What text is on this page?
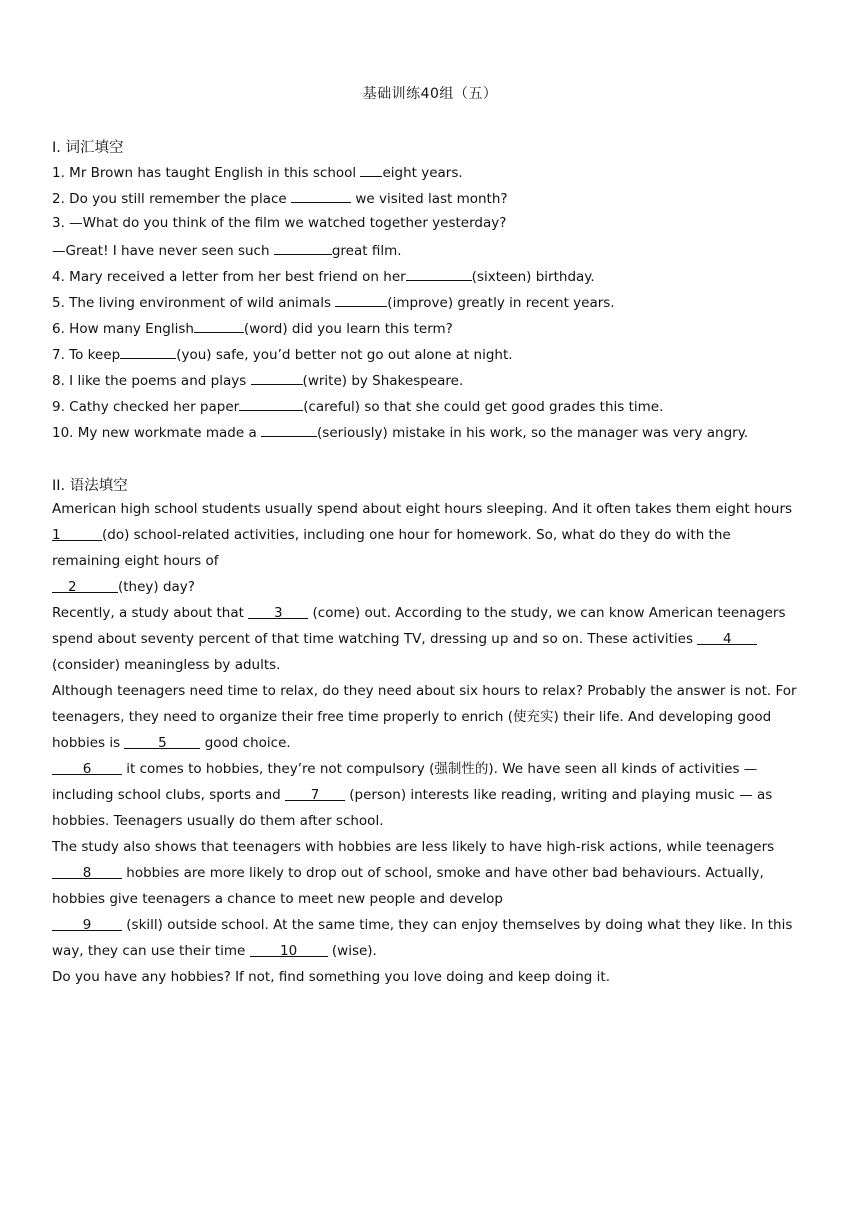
基础训练40组（五）
I. 词汇填空
1. Mr Brown has taught English in this school eight years.
2. Do you still remember the place	we visited last month?
3. —What do you think of the film we watched together yesterday?
—Great! I have never seen such	great film.
4. Mary received a letter from her best friend on her	(sixteen) birthday.
5. The living environment of wild animals	(improve) greatly in recent years.
6. How many English	(word) did you learn this term?
7. To keep	(you) safe, you’d better not go out alone at night.
8. I like the poems and plays	(write) by Shakespeare.
9. Cathy checked her paper	(careful) so that she could get good grades this time.
10. My new workmate made a	(seriously) mistake in his work, so the manager was very angry.
II. 语法填空
American high school students usually spend about eight hours sleeping. And it often takes them eight hours
1	(do) school-related activities, including one hour for homework. So, what do they do with the
remaining eight hours of
2	(they) day?
Recently, a study about that 3 (come) out. According to the study, we can know American teenagers
spend about seventy percent of that time watching TV, dressing up and so on. These activities 4
(consider) meaningless by adults.
Although teenagers need time to relax, do they need about six hours to relax? Probably the answer is not. For
teenagers, they need to organize their free time properly to enrich (使充实) their life. And developing good
hobbies is 5 good choice.
6 it comes to hobbies, they’re not compulsory (强制性的). We have seen all kinds of activities —
including school clubs, sports and 7 (person) interests like reading, writing and playing music — as
hobbies. Teenagers usually do them after school.
The study also shows that teenagers with hobbies are less likely to have high-risk actions, while teenagers
8 hobbies are more likely to drop out of school, smoke and have other bad behaviours. Actually,
hobbies give teenagers a chance to meet new people and develop
9 (skill) outside school. At the same time, they can enjoy themselves by doing what they like. In this
way, they can use their time 10 (wise).
Do you have any hobbies? If not, find something you love doing and keep doing it.
